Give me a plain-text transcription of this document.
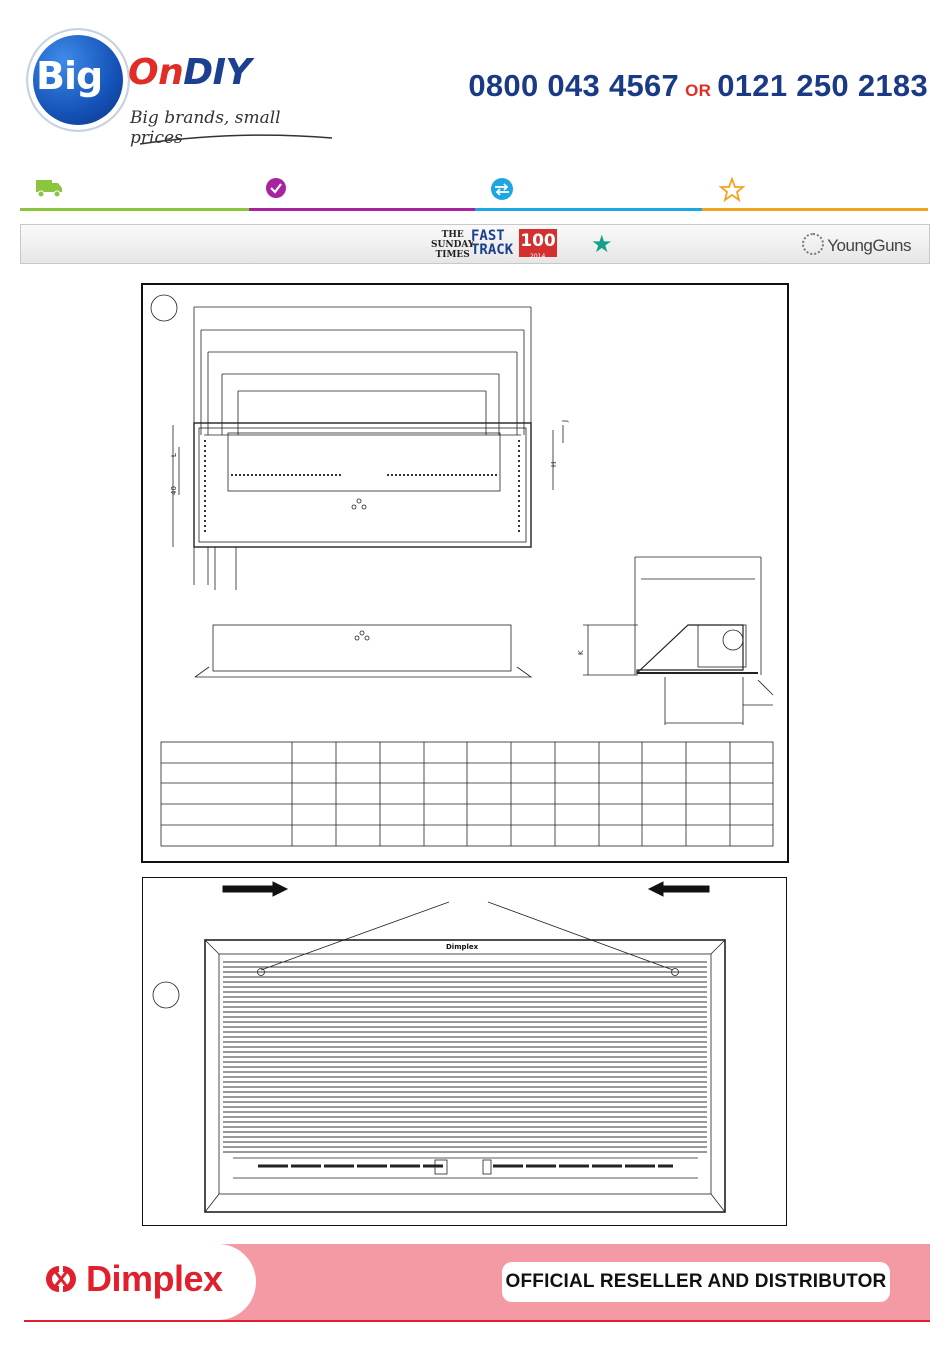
Big OnDIY
Big brands, small prices
0800 043 4567 OR 0121 250 2183
THE
SUNDAY
TIMES
FAST
TRACK 100
2014 ★	YoungGuns
J
H
L
40
K
Dimplex
Dimplex	OFFICIAL RESELLER AND DISTRIBUTOR
